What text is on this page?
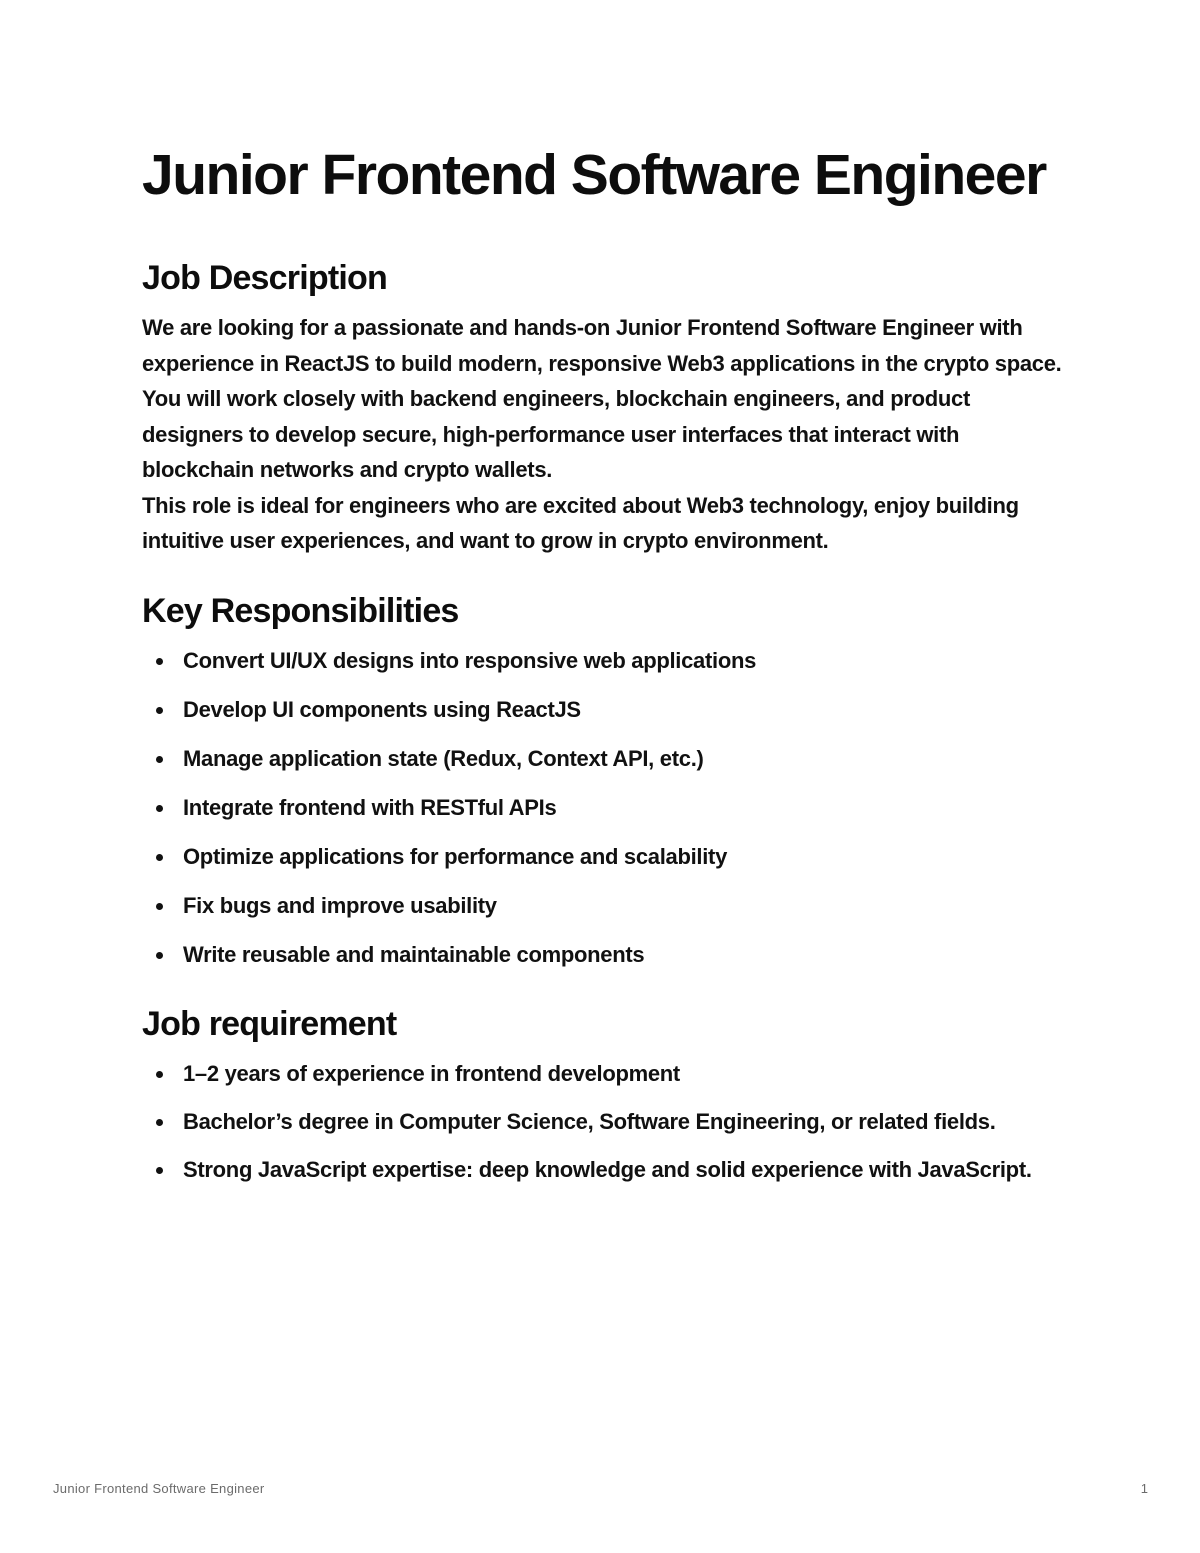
Junior Frontend Software Engineer
Job Description

We are looking for a passionate and hands-on Junior Frontend Software Engineer with experience in ReactJS to build modern, responsive Web3 applications in the crypto space.

You will work closely with backend engineers, blockchain engineers, and product designers to develop secure, high-performance user interfaces that interact with blockchain networks and crypto wallets.

This role is ideal for engineers who are excited about Web3 technology, enjoy building intuitive user experiences, and want to grow in crypto environment.

Key Responsibilities
Convert UI/UX designs into responsive web applications
Develop UI components using ReactJS
Manage application state (Redux, Context API, etc.)
Integrate frontend with RESTful APIs
Optimize applications for performance and scalability
Fix bugs and improve usability
Write reusable and maintainable components
Job requirement
1–2 years of experience in frontend development
Bachelor’s degree in Computer Science, Software Engineering, or related fields.
Strong JavaScript expertise: deep knowledge and solid experience with JavaScript.
Junior Frontend Software Engineer	1
